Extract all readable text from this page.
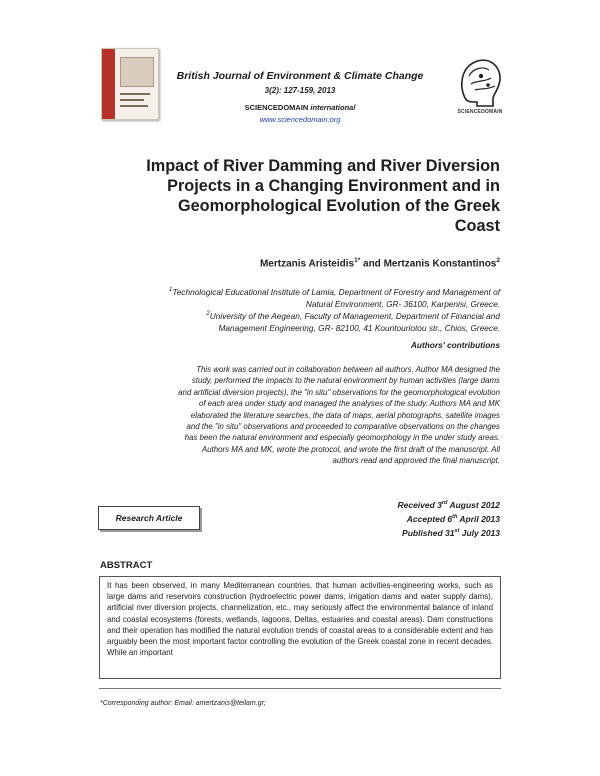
British Journal of Environment & Climate Change
3(2): 127-159, 2013
SCIENCEDOMAIN international
www.sciencedomain.org
SCIENCEDOMAIN
Impact of River Damming and River Diversion
Projects in a Changing Environment and in
Geomorphological Evolution of the Greek
Coast
Mertzanis Aristeidis$^{1*}$ and Mertzanis Konstantinos$^2$
$^1$Technological Educational Institute of Lamia, Department of Forestry and Management of
Natural Environment, GR- 36100, Karpenisi, Greece.
$^2$University of the Aegean, Faculty of Management, Department of Financial and
Management Engineering, GR- 82100, 41 Kountouriotou str., Chios, Greece.
Authors' contributions
This work was carried out in collaboration between all authors. Author MA designed the
study, performed the impacts to the natural environment by human activities (large dams
and artificial diversion projects), the "in situ" observations for the geomorphological evolution
of each area under study and managed the analyses of the study. Authors MA and MK
elaborated the literature searches, the data of maps, aerial photographs, satellite images
and the "in situ" observations and proceeded to comparative observations on the changes
has been the natural environment and especially geomorphology in the under study areas.
Authors MA and MK, wrote the protocol, and wrote the first draft of the manuscript. All
authors read and approved the final manuscript.
Research Article
Received 3rd August 2012
Accepted 6th April 2013
Published 31st July 2013
ABSTRACT
It has been observed, in many Mediterranean countries, that human activities-engineering works, such as large dams and reservoirs construction (hydroelectric power dams, irrigation dams and water supply dams), artificial river diversion projects, channelization, etc., may seriously affect the environmental balance of inland and coastal ecosystems (forests, wetlands, lagoons, Deltas, estuaries and coastal areas). Dam constructions and their operation has modified the natural evolution trends of coastal areas to a considerable extent and has arguably been the most important factor controlling the evolution of the Greek coastal zone in recent decades. While an important
*Corresponding author: Email: amertzanis@teilam.gr;
